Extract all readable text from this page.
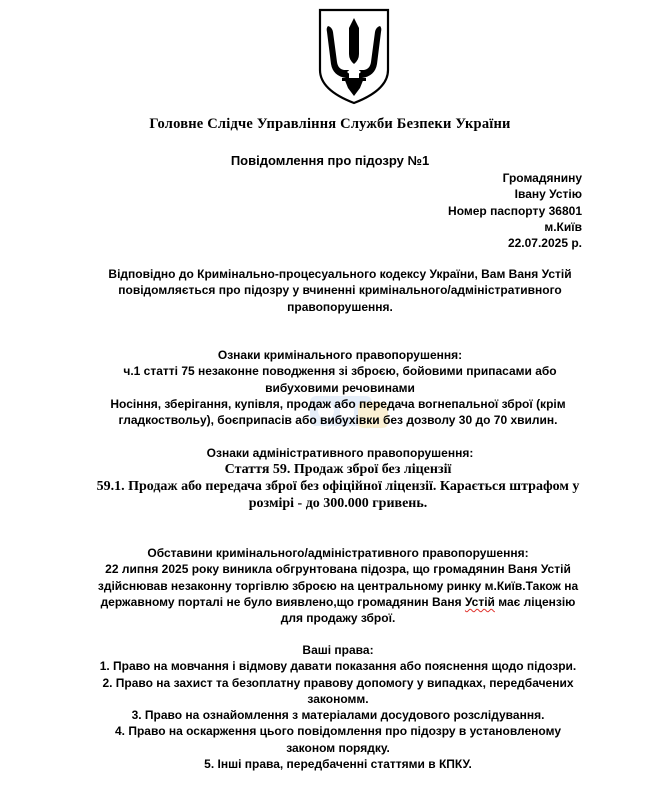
Головне Слідче Управління Служби Безпеки України
Повідомлення про підозру №1
Громадянину
Івану Устію
Номер паспорту 36801
м.Київ
22.07.2025 р.
Відповідно до Кримінально-процесуального кодексу України, Вам Ваня Устій
повідомляється про підозру у вчиненні кримінального/адміністративного
правопорушення.
Ознаки кримінального правопорушення:
ч.1 статті 75 незаконне поводження зі зброєю, бойовими припасами або
вибуховими речовинами
Носіння, зберігання, купівля, продаж або передача вогнепальної зброї (крім
гладкоствольу), боєприпасів або вибухівки без дозволу 30 до 70 хвилин.
Ознаки адміністративного правопорушення:
Стаття 59. Продаж зброї без ліцензії
59.1. Продаж або передача зброї без офіційної ліцензії. Карається штрафом у
розмірі - до 300.000 гривень.
Обставини кримінального/адміністративного правопорушення:
22 липня 2025 року виникла обгрунтована підозра, що громадянин Ваня Устій
здійснював незаконну торгівлю зброєю на центральному ринку м.Київ.Також на
державному порталі не було виявлено,що громадянин Ваня Устій має ліцензію
для продажу зброї.
Ваші права:
1. Право на мовчання і відмову давати показання або пояснення щодо підозри.
2. Право на захист та безоплатну правову допомогу у випадках, передбачених
закономм.
3. Право на ознайомлення з матеріалами досудового розслідування.
4. Право на оскарження цього повідомлення про підозру в установленому
законом порядку.
5. Інші права, передбаченні статтями в КПКУ.
